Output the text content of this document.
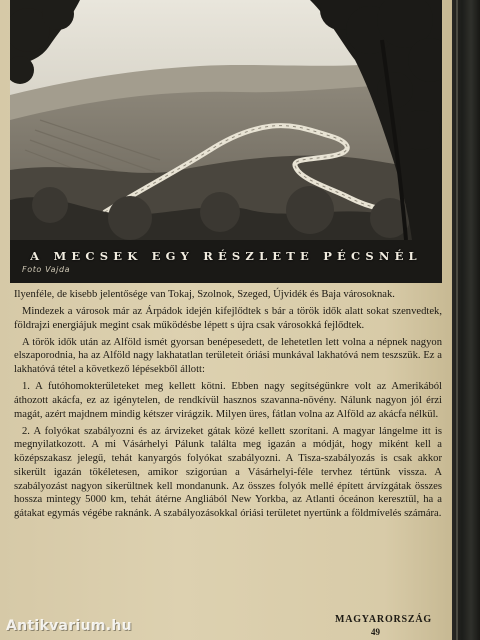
A MECSEK EGY RÉSZLETE PÉCSNÉL
Foto Vajda

Ilyenféle, de kisebb jelentősége van Tokaj, Szolnok, Szeged, Újvidék és Baja városoknak.

Mindezek a városok már az Árpádok idején kifejlődtek s bár a török idők alatt sokat szenvedtek, földrajzi energiájuk megint csak működésbe lépett s újra csak városokká fejlődtek.

A török idők után az Alföld ismét gyorsan benépesedett, de lehetetlen lett volna a népnek nagyon elszaporodnia, ha az Alföld nagy lakhatatlan területeit óriási munkával lakhatóvá nem teszszük. Ez a lakhatóvá tétel a következő lépésekből állott:

1. A futóhomokterületeket meg kellett kötni. Ebben nagy segítségünkre volt az Amerikából áthozott akácfa, ez az igénytelen, de rendkívül hasznos szavanna-növény. Nálunk nagyon jól érzi magát, azért majdnem mindig kétszer virágzik. Milyen üres, fátlan volna az Alföld az akácfa nélkül.

2. A folyókat szabályozni és az árvizeket gátak közé kellett szorítani. A magyar lángelme itt is megnyilatkozott. A mi Vásárhelyi Pálunk találta meg igazán a módját, hogy miként kell a középszakasz jelegű, tehát kanyargós folyókat szabályozni. A Tisza-szabályozás is csak akkor sikerült igazán tökéletesen, amikor szigorúan a Vásárhelyi-féle tervhez tértünk vissza. A szabályozást nagyon sikerültnek kell mondanunk. Az összes folyók mellé épített árvízgátak összes hossza mintegy 5000 km, tehát átérne Angliából New Yorkba, az Atlanti óceánon keresztül, ha a gátakat egymás végébe raknánk. A szabályozásokkal óriási területet nyertünk a földmívelés számára.

MAGYARORSZÁG
49
Antikvarium.hu
